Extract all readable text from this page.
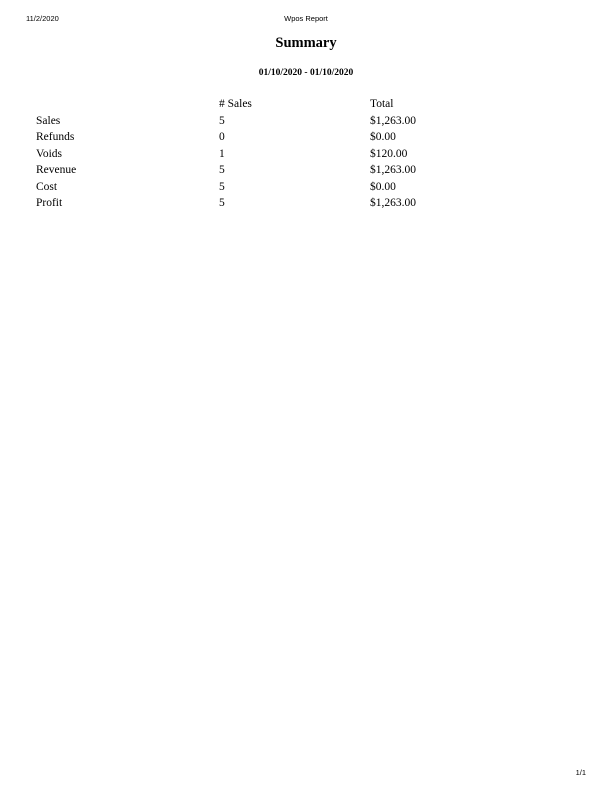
11/2/2020	Wpos Report
Summary
01/10/2020 - 01/10/2020
	# Sales	Total
Sales	5	$1,263.00
Refunds	0	$0.00
Voids	1	$120.00
Revenue	5	$1,263.00
Cost	5	$0.00
Profit	5	$1,263.00
1/1
